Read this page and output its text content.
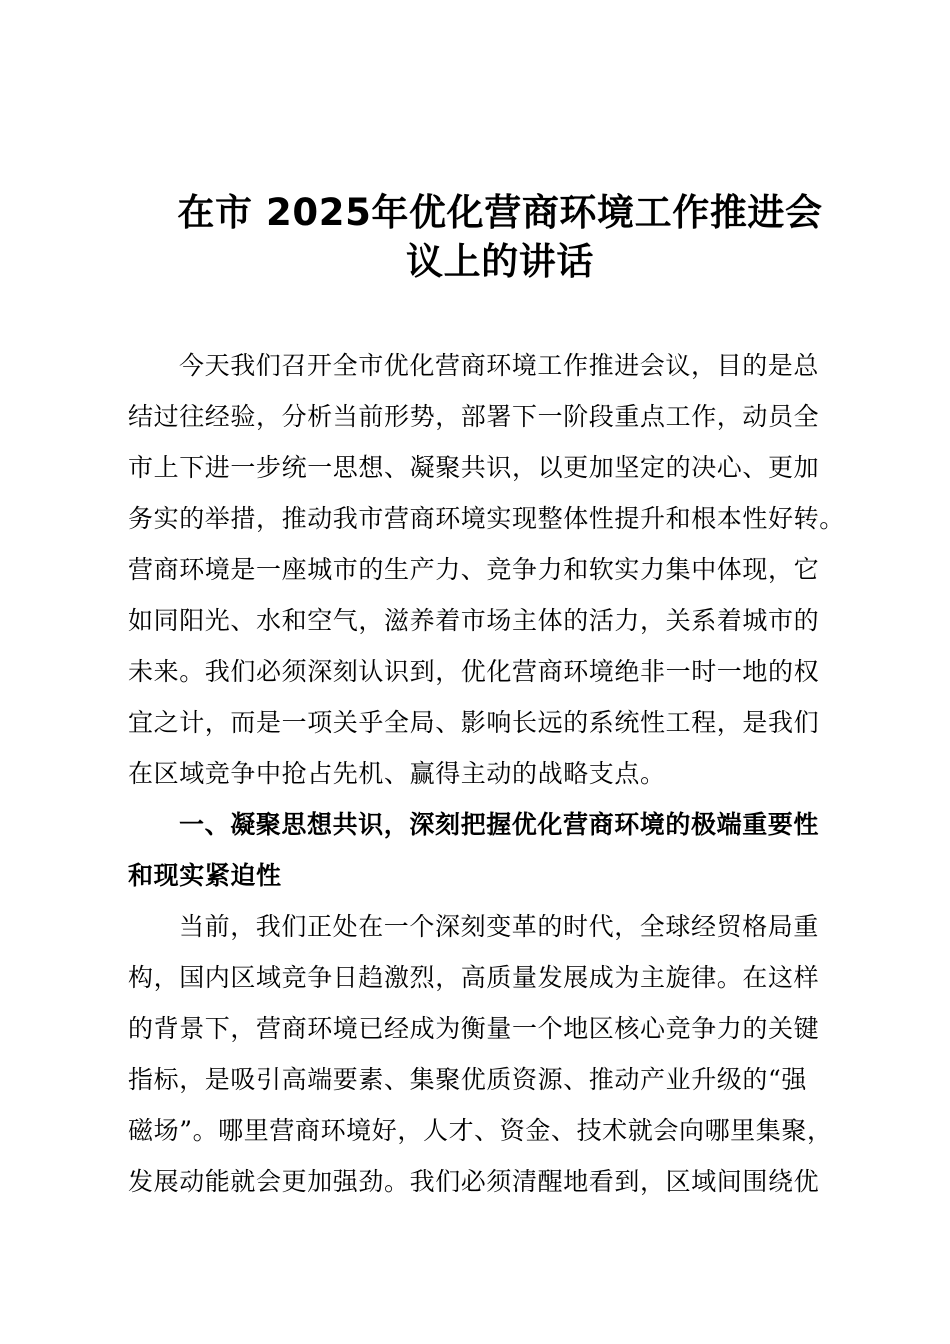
在市 2025年优化营商环境工作推进会
议上的讲话
今天我们召开全市优化营商环境工作推进会议，目的是总
结过往经验，分析当前形势，部署下一阶段重点工作，动员全
市上下进一步统一思想、凝聚共识，以更加坚定的决心、更加
务实的举措，推动我市营商环境实现整体性提升和根本性好转。
营商环境是一座城市的生产力、竞争力和软实力集中体现，它
如同阳光、水和空气，滋养着市场主体的活力，关系着城市的
未来。我们必须深刻认识到，优化营商环境绝非一时一地的权
宜之计，而是一项关乎全局、影响长远的系统性工程，是我们
在区域竞争中抢占先机、赢得主动的战略支点。
一、凝聚思想共识，深刻把握优化营商环境的极端重要性
和现实紧迫性
当前，我们正处在一个深刻变革的时代，全球经贸格局重
构，国内区域竞争日趋激烈，高质量发展成为主旋律。在这样
的背景下，营商环境已经成为衡量一个地区核心竞争力的关键
指标，是吸引高端要素、集聚优质资源、推动产业升级的“强
磁场”。哪里营商环境好，人才、资金、技术就会向哪里集聚，
发展动能就会更加强劲。我们必须清醒地看到，区域间围绕优
